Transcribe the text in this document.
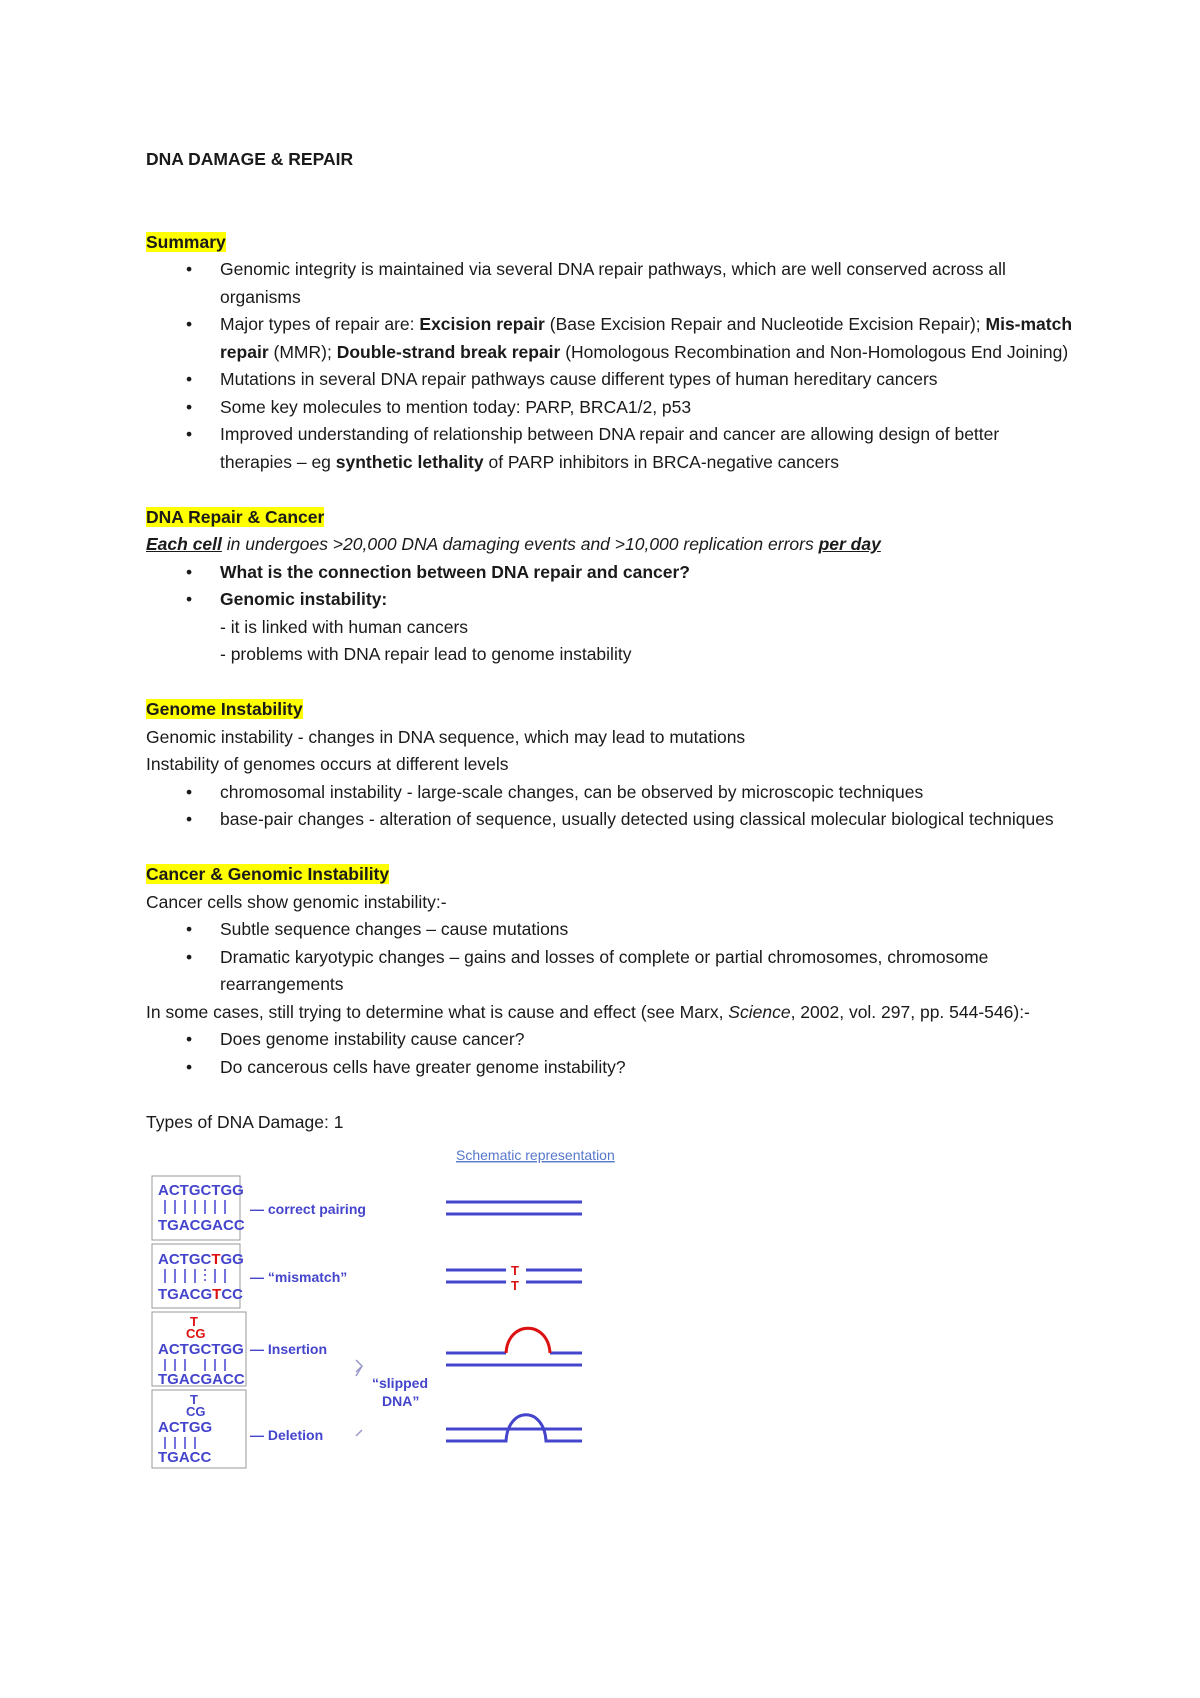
DNA DAMAGE & REPAIR

Summary

• Genomic integrity is maintained via several DNA repair pathways, which are well conserved across all organisms
• Major types of repair are: Excision repair (Base Excision Repair and Nucleotide Excision Repair); Mis-match repair (MMR); Double-strand break repair (Homologous Recombination and Non-Homologous End Joining)
• Mutations in several DNA repair pathways cause different types of human hereditary cancers
• Some key molecules to mention today: PARP, BRCA1/2, p53
• Improved understanding of relationship between DNA repair and cancer are allowing design of better therapies – eg synthetic lethality of PARP inhibitors in BRCA-negative cancers

DNA Repair & Cancer

Each cell in undergoes >20,000 DNA damaging events and >10,000 replication errors per day

• What is the connection between DNA repair and cancer?
• Genomic instability:

- it is linked with human cancers

- problems with DNA repair lead to genome instability

Genome Instability

Genomic instability - changes in DNA sequence, which may lead to mutations

Instability of genomes occurs at different levels

• chromosomal instability - large-scale changes, can be observed by microscopic techniques
• base-pair changes - alteration of sequence, usually detected using classical molecular biological techniques

Cancer & Genomic Instability

Cancer cells show genomic instability:-

• Subtle sequence changes – cause mutations
• Dramatic karyotypic changes – gains and losses of complete or partial chromosomes, chromosome rearrangements

In some cases, still trying to determine what is cause and effect (see Marx, Science, 2002, vol. 297, pp. 544-546):-

• Does genome instability cause cancer?
• Do cancerous cells have greater genome instability?

Types of DNA Damage: 1

Schematic representation
ACTGCTGG
TGACGACC
— correct pairing
ACTGCTGG
TGACGTCC
— “mismatch”	T
T
T
CG
ACTGCTGG
TGACGACC
— Insertion
T
CG
ACTGG
TGACC
— Deletion
“slipped
DNA”
